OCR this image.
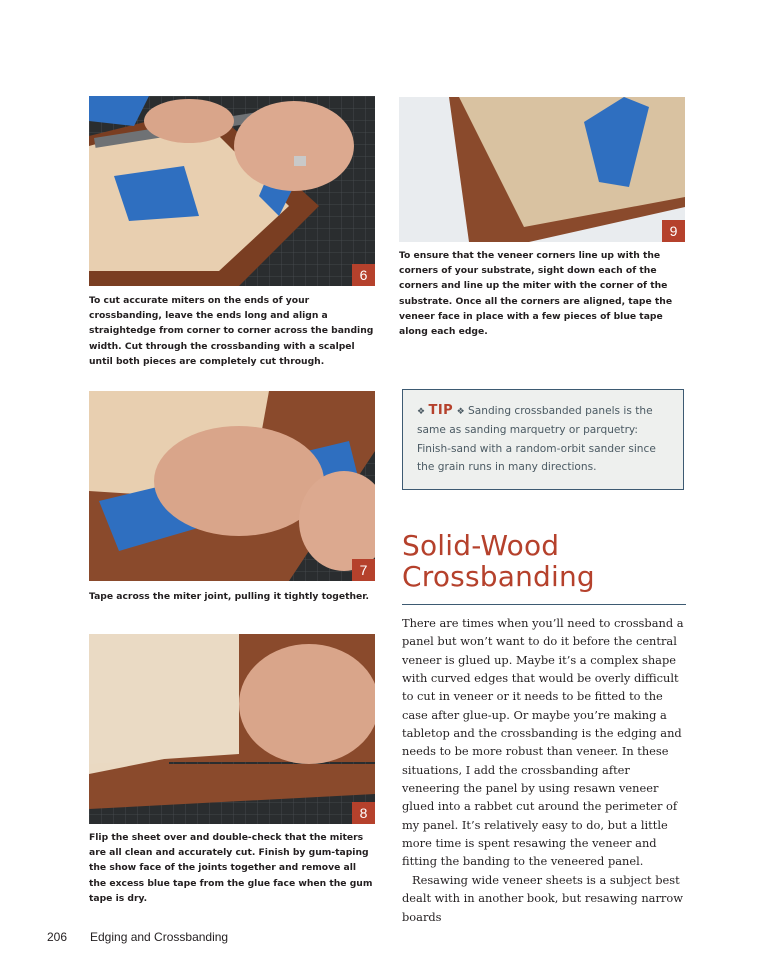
6

To cut accurate miters on the ends of your crossbanding, leave the ends long and align a straightedge from corner to corner across the banding width. Cut through the crossbanding with a scalpel until both pieces are completely cut through.

9

To ensure that the veneer corners line up with the corners of your substrate, sight down each of the corners and line up the miter with the corner of the substrate. Once all the corners are aligned, tape the veneer face in place with a few pieces of blue tape along each edge.

7

Tape across the miter joint, pulling it tightly together.

8

Flip the sheet over and double-check that the miters are all clean and accurately cut. Finish by gum-taping the show face of the joints together and remove all the excess blue tape from the glue face when the gum tape is dry.

❖ TIP ❖ Sanding crossbanded panels is the same as sanding marquetry or parquetry: Finish-sand with a random-orbit sander since the grain runs in many directions.

Solid-Wood
Crossbanding
There are times when you’ll need to crossband a panel but won’t want to do it before the central veneer is glued up. Maybe it’s a complex shape with curved edges that would be overly difficult to cut in veneer or it needs to be fitted to the case after glue-up. Or maybe you’re making a tabletop and the crossbanding is the edging and needs to be more robust than veneer. In these situations, I add the crossbanding after veneering the panel by using resawn veneer glued into a rabbet cut around the perimeter of my panel. It’s relatively easy to do, but a little more time is spent resawing the veneer and fitting the banding to the veneered panel.
Resawing wide veneer sheets is a subject best dealt with in another book, but resawing narrow boards
206 Edging and Crossbanding
